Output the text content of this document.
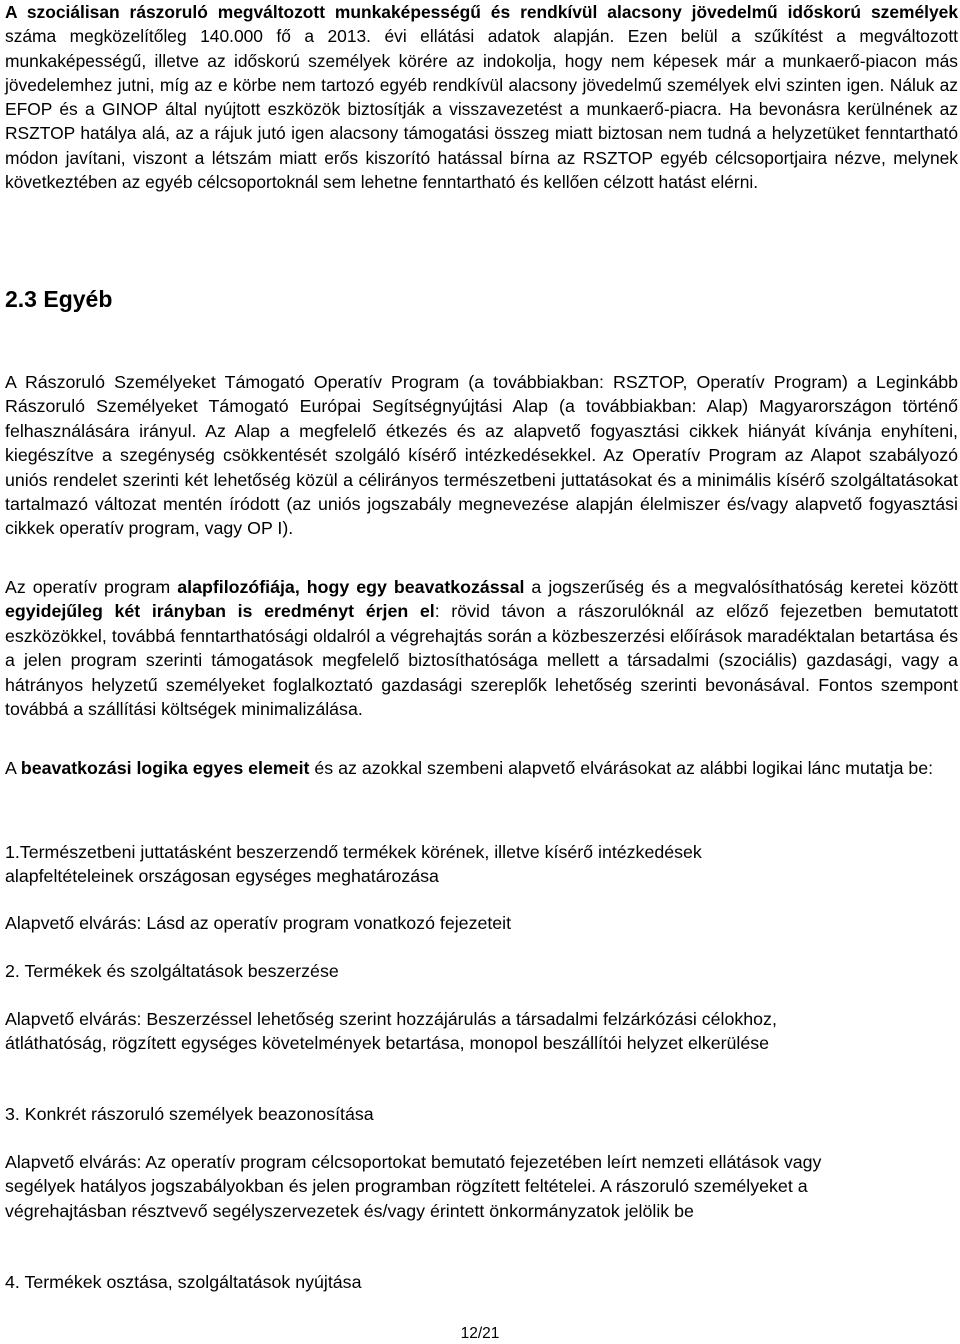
A szociálisan rászoruló megváltozott munkaképességű és rendkívül alacsony jövedelmű időskorú személyek száma megközelítőleg 140.000 fő a 2013. évi ellátási adatok alapján. Ezen belül a szűkítést a megváltozott munkaképességű, illetve az időskorú személyek körére az indokolja, hogy nem képesek már a munkaerő-piacon más jövedelemhez jutni, míg az e körbe nem tartozó egyéb rendkívül alacsony jövedelmű személyek elvi szinten igen. Náluk az EFOP és a GINOP által nyújtott eszközök biztosítják a visszavezetést a munkaerő-piacra. Ha bevonásra kerülnének az RSZTOP hatálya alá, az a rájuk jutó igen alacsony támogatási összeg miatt biztosan nem tudná a helyzetüket fenntartható módon javítani, viszont a létszám miatt erős kiszorító hatással bírna az RSZTOP egyéb célcsoportjaira nézve, melynek következtében az egyéb célcsoportoknál sem lehetne fenntartható és kellően célzott hatást elérni.

2.3 Egyéb

A Rászoruló Személyeket Támogató Operatív Program (a továbbiakban: RSZTOP, Operatív Program) a Leginkább Rászoruló Személyeket Támogató Európai Segítségnyújtási Alap (a továbbiakban: Alap) Magyarországon történő felhasználására irányul. Az Alap a megfelelő étkezés és az alapvető fogyasztási cikkek hiányát kívánja enyhíteni, kiegészítve a szegénység csökkentését szolgáló kísérő intézkedésekkel. Az Operatív Program az Alapot szabályozó uniós rendelet szerinti két lehetőség közül a célirányos természetbeni juttatásokat és a minimális kísérő szolgáltatásokat tartalmazó változat mentén íródott (az uniós jogszabály megnevezése alapján élelmiszer és/vagy alapvető fogyasztási cikkek operatív program, vagy OP I).

Az operatív program alapfilozófiája, hogy egy beavatkozással a jogszerűség és a megvalósíthatóság keretei között egyidejűleg két irányban is eredményt érjen el: rövid távon a rászorulóknál az előző fejezetben bemutatott eszközökkel, továbbá fenntarthatósági oldalról a végrehajtás során a közbeszerzési előírások maradéktalan betartása és a jelen program szerinti támogatások megfelelő biztosíthatósága mellett a társadalmi (szociális) gazdasági, vagy a hátrányos helyzetű személyeket foglalkoztató gazdasági szereplők lehetőség szerinti bevonásával. Fontos szempont továbbá a szállítási költségek minimalizálása.

A beavatkozási logika egyes elemeit és az azokkal szembeni alapvető elvárásokat az alábbi logikai lánc mutatja be:

1.Természetbeni juttatásként beszerzendő termékek körének, illetve kísérő intézkedések alapfeltételeinek országosan egységes meghatározása

Alapvető elvárás: Lásd az operatív program vonatkozó fejezeteit

2. Termékek és szolgáltatások beszerzése

Alapvető elvárás: Beszerzéssel lehetőség szerint hozzájárulás a társadalmi felzárkózási célokhoz, átláthatóság, rögzített egységes követelmények betartása, monopol beszállítói helyzet elkerülése

3. Konkrét rászoruló személyek beazonosítása

Alapvető elvárás: Az operatív program célcsoportokat bemutató fejezetében leírt nemzeti ellátások vagy segélyek hatályos jogszabályokban és jelen programban rögzített feltételei. A rászoruló személyeket a végrehajtásban résztvevő segélyszervezetek és/vagy érintett önkormányzatok jelölik be

4. Termékek osztása, szolgáltatások nyújtása

12/21
